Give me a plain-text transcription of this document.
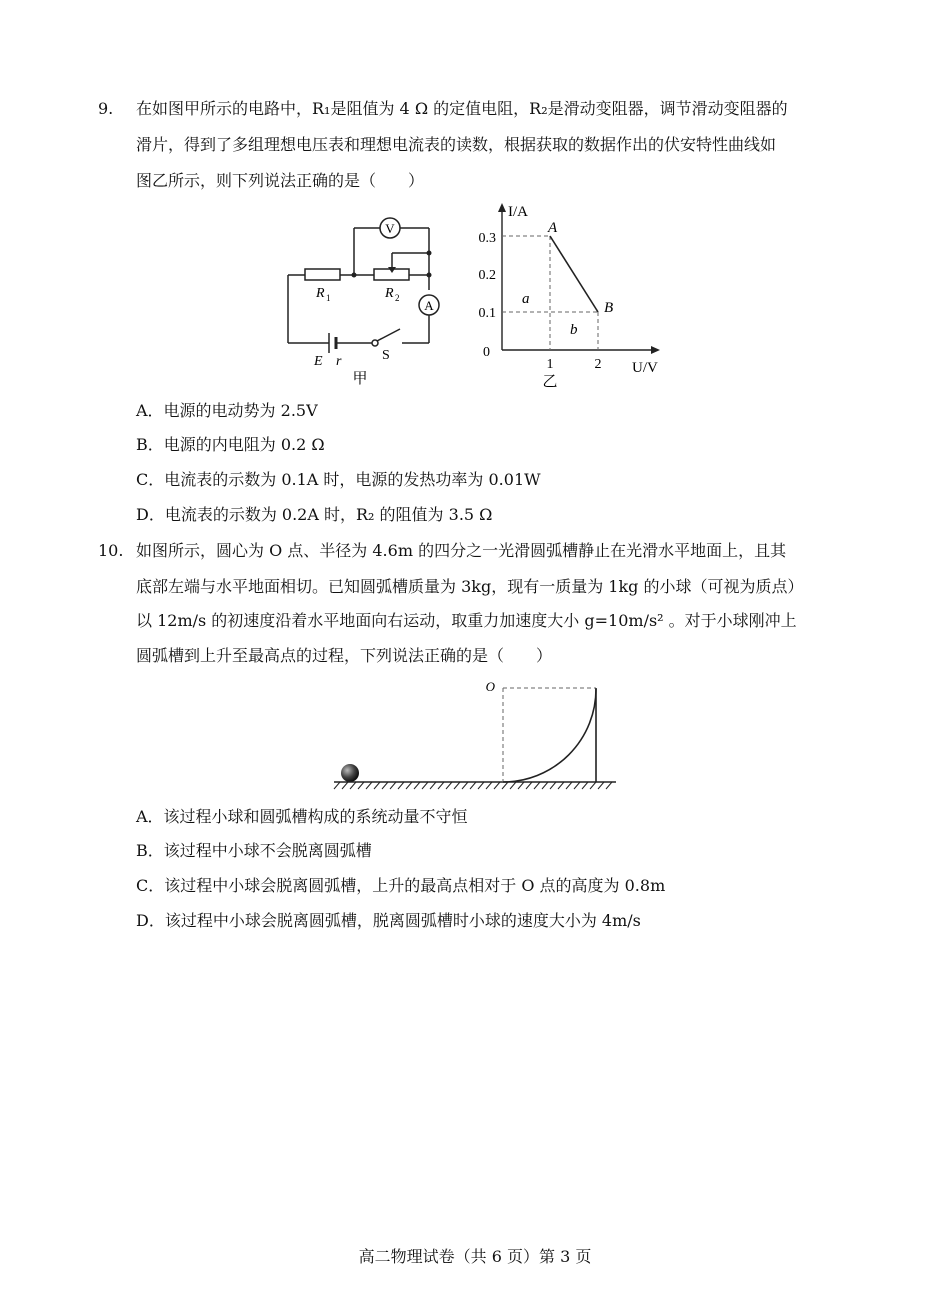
9. 在如图甲所示的电路中，R₁是阻值为 4 Ω 的定值电阻，R₂是滑动变阻器，调节滑动变阻器的
滑片，得到了多组理想电压表和理想电流表的读数，根据获取的数据作出的伏安特性曲线如
图乙所示，则下列说法正确的是（　　）
V
A
R 1	R 2
E r	S
甲
I/A
U/V
0
0.3
0.2
0.1
1	2
A
B
a
b
乙
A．电源的电动势为 2.5V
B．电源的内电阻为 0.2 Ω
C．电流表的示数为 0.1A 时，电源的发热功率为 0.01W
D．电流表的示数为 0.2A 时，R₂ 的阻值为 3.5 Ω
10. 如图所示，圆心为 O 点、半径为 4.6m 的四分之一光滑圆弧槽静止在光滑水平地面上，且其
底部左端与水平地面相切。已知圆弧槽质量为 3kg，现有一质量为 1kg 的小球（可视为质点）
以 12m/s 的初速度沿着水平地面向右运动，取重力加速度大小 g=10m/s² 。对于小球刚冲上
圆弧槽到上升至最高点的过程，下列说法正确的是（　　）
O
A．该过程小球和圆弧槽构成的系统动量不守恒
B．该过程中小球不会脱离圆弧槽
C．该过程中小球会脱离圆弧槽，上升的最高点相对于 O 点的高度为 0.8m
D．该过程中小球会脱离圆弧槽，脱离圆弧槽时小球的速度大小为 4m/s
高二物理试卷（共 6 页）第 3 页
